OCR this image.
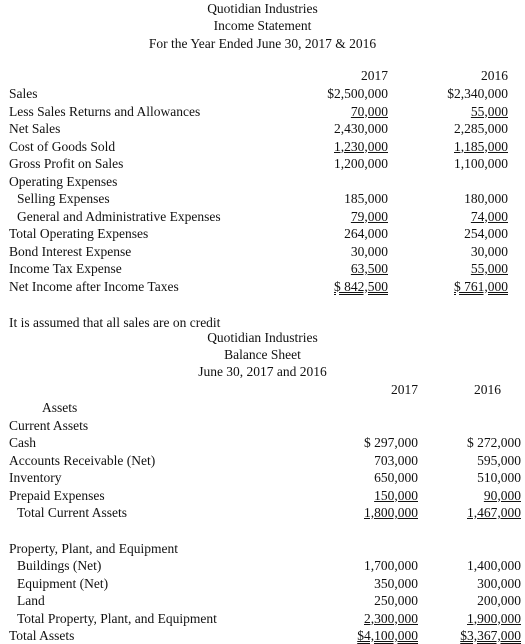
Quotidian Industries
Income Statement
For the Year Ended June 30, 2017 & 2016
2017	2016
Sales	$2,500,000	$2,340,000
Less Sales Returns and Allowances	70,000	55,000
Net Sales	2,430,000	2,285,000
Cost of Goods Sold	1,230,000	1,185,000
Gross Profit on Sales	1,200,000	1,100,000
Operating Expenses
Selling Expenses	185,000	180,000
General and Administrative Expenses	79,000	74,000
Total Operating Expenses	264,000	254,000
Bond Interest Expense	30,000	30,000
Income Tax Expense	63,500	55,000
Net Income after Income Taxes	$ 842,500	$ 761,000
It is assumed that all sales are on credit
Quotidian Industries
Balance Sheet
June 30, 2017 and 2016
2017	2016
Assets
Current Assets
Cash	$ 297,000	$ 272,000
Accounts Receivable (Net)	703,000	595,000
Inventory	650,000	510,000
Prepaid Expenses	150,000	90,000
Total Current Assets	1,800,000	1,467,000
Property, Plant, and Equipment
Buildings (Net)	1,700,000	1,400,000
Equipment (Net)	350,000	300,000
Land	250,000	200,000
Total Property, Plant, and Equipment	2,300,000	1,900,000
Total Assets	$4,100,000	$3,367,000
